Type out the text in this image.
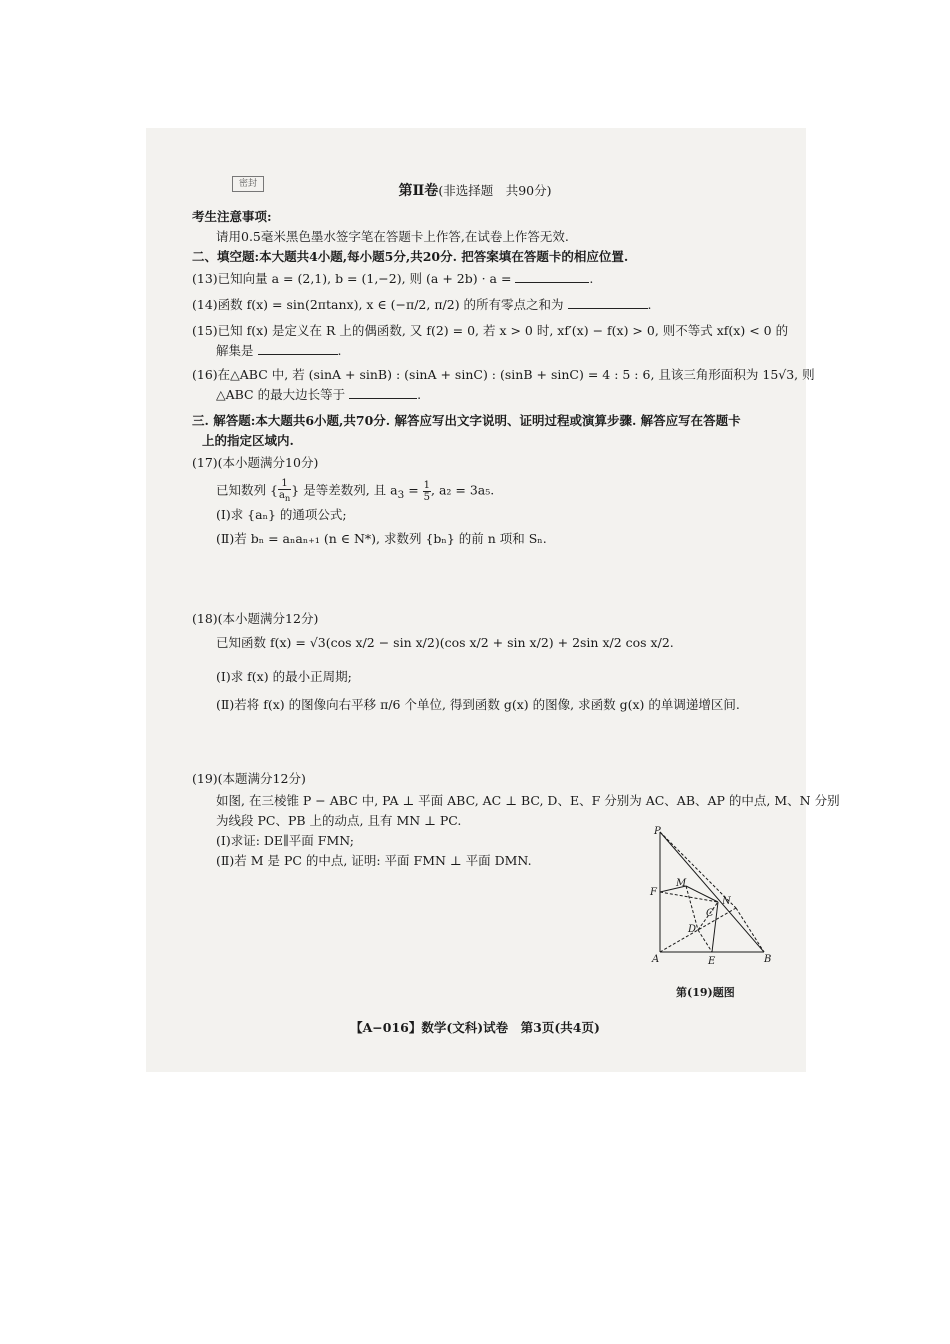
密封	第Ⅱ卷(非选择题　共90分)
考生注意事项:
请用0.5毫米黑色墨水签字笔在答题卡上作答,在试卷上作答无效.
二、填空题:本大题共4小题,每小题5分,共20分. 把答案填在答题卡的相应位置.
(13)已知向量 a = (2,1), b = (1,−2), 则 (a + 2b) · a =	.
(14)函数 f(x) = sin(2πtanx), x ∈ (−π/2, π/2) 的所有零点之和为	.
(15)已知 f(x) 是定义在 R 上的偶函数, 又 f(2) = 0, 若 x > 0 时, xf′(x) − f(x) > 0, 则不等式 xf(x) < 0 的
解集是	.
(16)在△ABC 中, 若 (sinA + sinB) : (sinA + sinC) : (sinB + sinC) = 4 : 5 : 6, 且该三角形面积为 15√3, 则
△ABC 的最大边长等于	.
三. 解答题:本大题共6小题,共70分. 解答应写出文字说明、证明过程或演算步骤. 解答应写在答题卡
上的指定区域内.
(17)(本小题满分10分)
已知数列 { $\frac{1}{a_n}$ } 是等差数列, 且 $a_3 = \frac{1}{5}$ , a₂ = 3a₅.
(Ⅰ)求 {aₙ} 的通项公式;
(Ⅱ)若 bₙ = aₙaₙ₊₁ (n ∈ N*), 求数列 {bₙ} 的前 n 项和 Sₙ.
(18)(本小题满分12分)
已知函数 f(x) = √3(cos x/2 − sin x/2)(cos x/2 + sin x/2) + 2sin x/2 cos x/2.
(Ⅰ)求 f(x) 的最小正周期;
(Ⅱ)若将 f(x) 的图像向右平移 π/6 个单位, 得到函数 g(x) 的图像, 求函数 g(x) 的单调递增区间.
(19)(本题满分12分)
如图, 在三棱锥 P − ABC 中, PA ⊥ 平面 ABC, AC ⊥ BC, D、E、F 分别为 AC、AB、AP 的中点, M、N 分别
为线段 PC、PB 上的动点, 且有 MN ⊥ PC.
(Ⅰ)求证: DE∥平面 FMN;
(Ⅱ)若 M 是 PC 的中点, 证明: 平面 FMN ⊥ 平面 DMN.
P
F
M
N
C
D
A	E	B
第(19)题图
【A−016】数学(文科)试卷　第3页(共4页)
